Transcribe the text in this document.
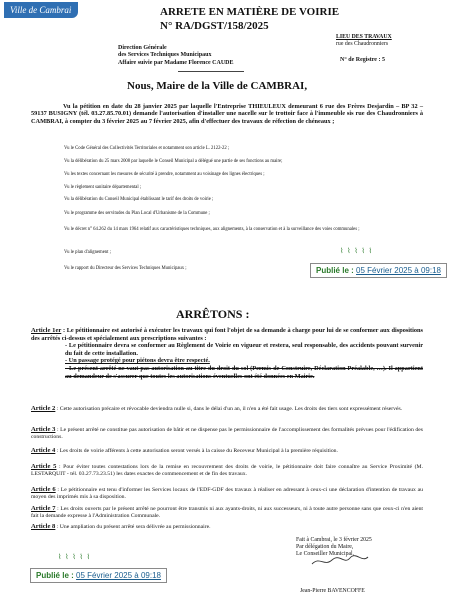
Ville de Cambrai	ARRETE EN MATIÈRE DE VOIRIE
N° RA/DGST/158/2025
Direction Générale
des Services Techniques Municipaux
Affaire suivie par Madame Florence CAUDE
LIEU DES TRAVAUX
rue des Chaudronniers
N° de Registre : 5
Nous, Maire de la Ville de CAMBRAI,
Vu la pétition en date du 28 janvier 2025 par laquelle l'Entreprise THIEULEUX demeurant 6 rue des Frères Desjardin – BP 32 – 59137 BUSIGNY (tél. 03.27.85.70.01) demande l'autorisation d'installer une nacelle sur le trottoir face à l'immeuble sis rue des Chaudronniers à CAMBRAI, à compter du 3 février 2025 au 7 février 2025, afin d'effectuer des travaux de réfection de chéneaux ;
Vu le Code Général des Collectivités Territoriales et notamment son article L. 2122-22 ;
Vu la délibération du 25 mars 2008 par laquelle le Conseil Municipal a délégué une partie de ses fonctions au maire;
Vu les textes concernant les mesures de sécurité à prendre, notamment au voisinage des lignes électriques ;
Vu le règlement sanitaire départemental ;
Vu la délibération du Conseil Municipal établissant le tarif des droits de voirie ;
Vu le programme des servitudes du Plan Local d'Urbanisme de la Commune ;
Vu le décret n° 64.262 du 14 mars 1964 relatif aux caractéristiques techniques, aux alignements, à la conservation et à la surveillance des voies communales ;
Vu le plan d'alignement ;
Vu le rapport du Directeur des Services Techniques Municipaux ;
⌇ ⌇ ⌇ ⌇ ⌇
Publié le : 05 Février 2025 à 09:18
ARRÊTONS :
Article 1er : Le pétitionnaire est autorisé à exécuter les travaux qui font l'objet de sa demande à charge pour lui de se conformer aux dispositions des arrêtés ci-dessus et spécialement aux prescriptions suivantes :
- Le pétitionnaire devra se conformer au Règlement de Voirie en vigueur et restera, seul responsable, des accidents pouvant survenir du fait de cette installation.
- Un passage protégé pour piétons devra être respecté.
- Le présent arrêté ne vaut pas autorisation au titre du droit du sol (Permis de Construire, Déclaration Préalable, …). Il appartient au demandeur de s'assurer que toutes les autorisations éventuelles ont été données en Mairie.
Article 2 : Cette autorisation précaire et révocable deviendra nulle si, dans le délai d'un an, il n'en a été fait usage. Les droits des tiers sont expressément réservés.
Article 3 : Le présent arrêté ne constitue pas autorisation de bâtir et ne dispense pas le permissionnaire de l'accomplissement des formalités prévues pour l'édification des constructions.
Article 4 : Les droits de voirie afférents à cette autorisation seront versés à la caisse du Receveur Municipal à la première réquisition.
Article 5 : Pour éviter toutes contestations lors de la remise en recouvrement des droits de voirie, le pétitionnaire doit faire connaître au Service Proximité (M. LESTARQUIT - tél. 03.27.73.23.51) les dates exactes de commencement et de fin des travaux.
Article 6 : Le pétitionnaire est tenu d'informer les Services locaux de l'EDF-GDF des travaux à réaliser en adressant à ceux-ci une déclaration d'intention de travaux au moyen des imprimés mis à sa disposition.
Article 7 : Les droits ouverts par le présent arrêté ne pourront être transmis ni aux ayants-droits, ni aux successeurs, ni à toute autre personne sans que ceux-ci n'en aient fait la demande expresse à l'Administration Communale.
Article 8 : Une ampliation du présent arrêté sera délivrée au permissionnaire.
Fait à Cambrai, le 3 février 2025
Par délégation du Maire,
Le Conseiller Municipal,
Jean-Pierre BAVENCOFFE
⌇ ⌇ ⌇ ⌇ ⌇
Publié le : 05 Février 2025 à 09:18
